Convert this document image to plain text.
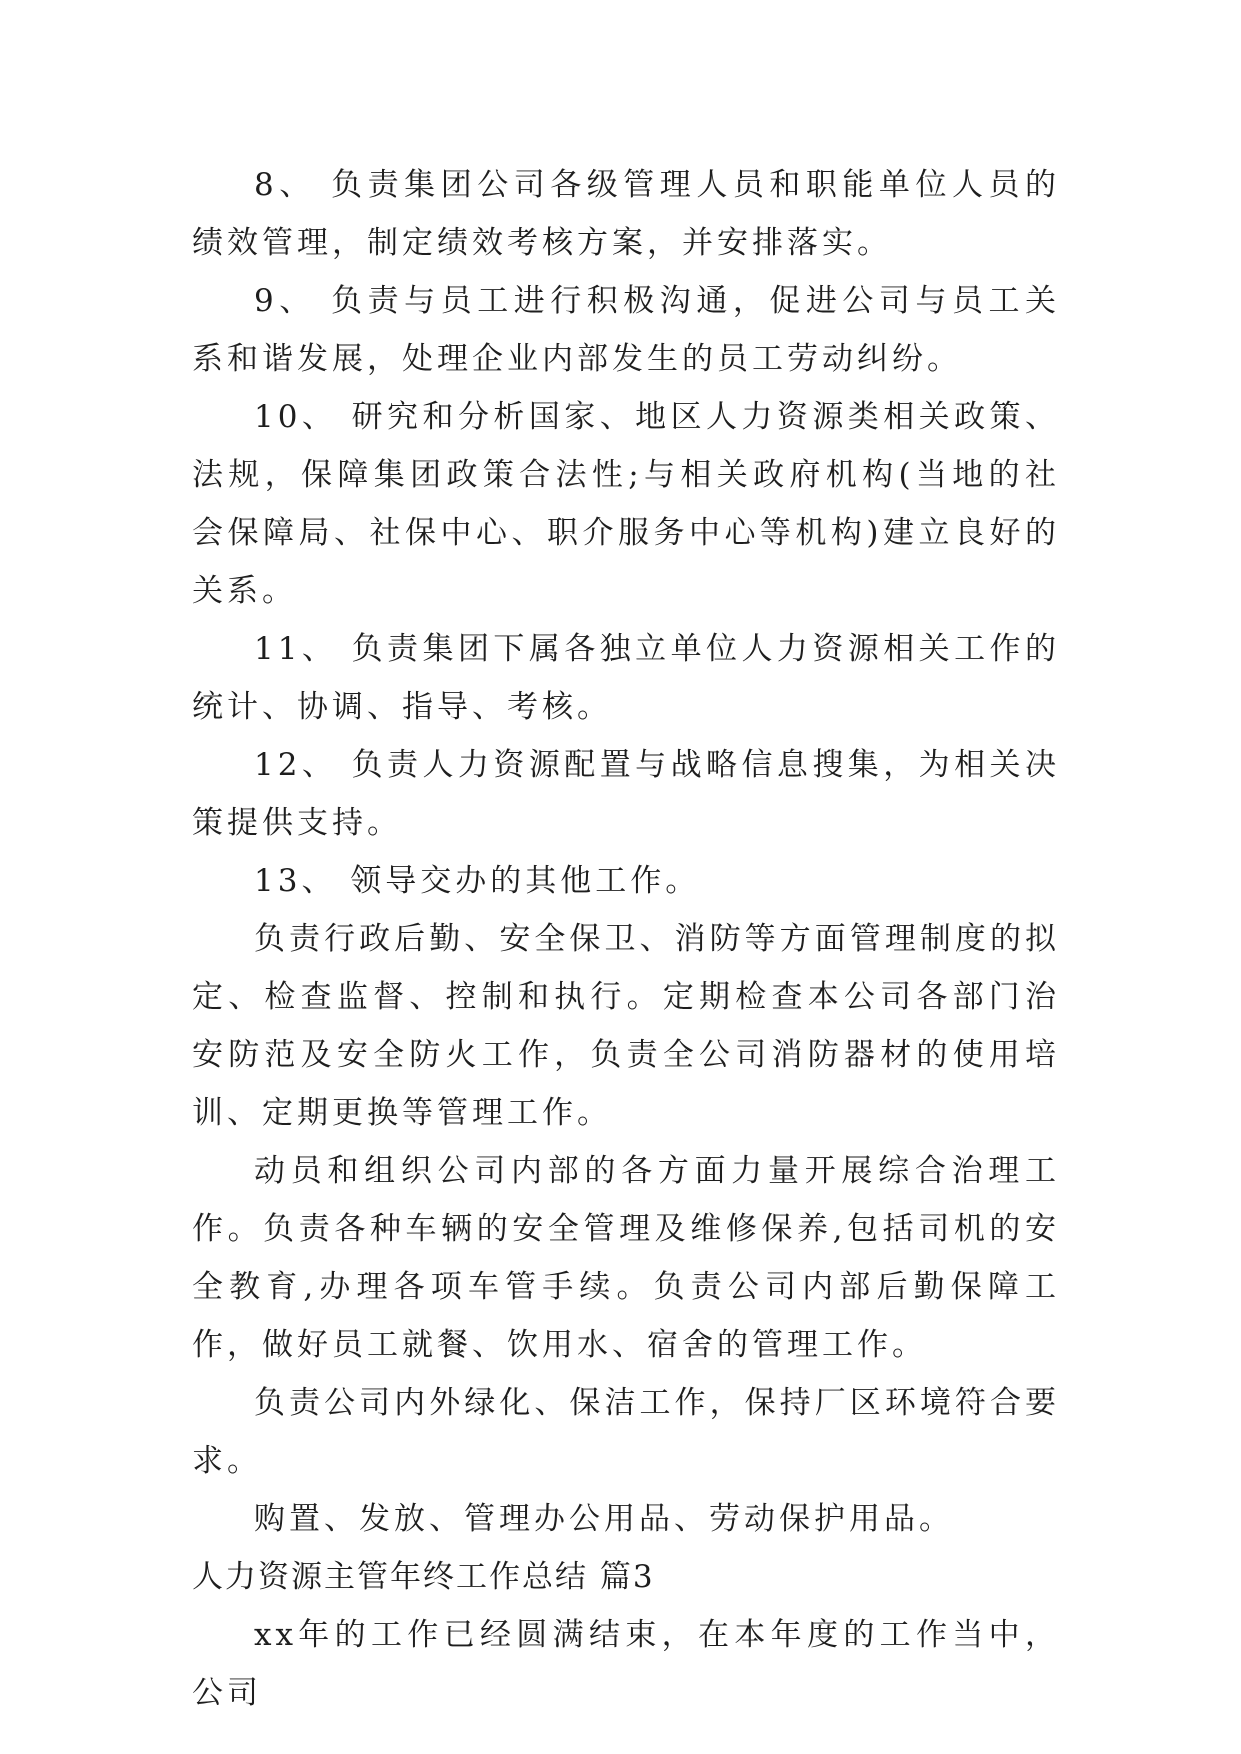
8、 负责集团公司各级管理人员和职能单位人员的绩效管理，制定绩效考核方案，并安排落实。

9、 负责与员工进行积极沟通，促进公司与员工关系和谐发展，处理企业内部发生的员工劳动纠纷。

10、 研究和分析国家、地区人力资源类相关政策、法规，保障集团政策合法性;与相关政府机构(当地的社会保障局、社保中心、职介服务中心等机构)建立良好的关系。

11、 负责集团下属各独立单位人力资源相关工作的统计、协调、指导、考核。

12、 负责人力资源配置与战略信息搜集，为相关决策提供支持。

13、 领导交办的其他工作。

负责行政后勤、安全保卫、消防等方面管理制度的拟定、检查监督、控制和执行。定期检查本公司各部门治安防范及安全防火工作，负责全公司消防器材的使用培训、定期更换等管理工作。

动员和组织公司内部的各方面力量开展综合治理工作。负责各种车辆的安全管理及维修保养,包括司机的安全教育,办理各项车管手续。负责公司内部后勤保障工作，做好员工就餐、饮用水、宿舍的管理工作。

负责公司内外绿化、保洁工作，保持厂区环境符合要求。

购置、发放、管理办公用品、劳动保护用品。

人力资源主管年终工作总结 篇3

xx年的工作已经圆满结束，在本年度的工作当中，公司
